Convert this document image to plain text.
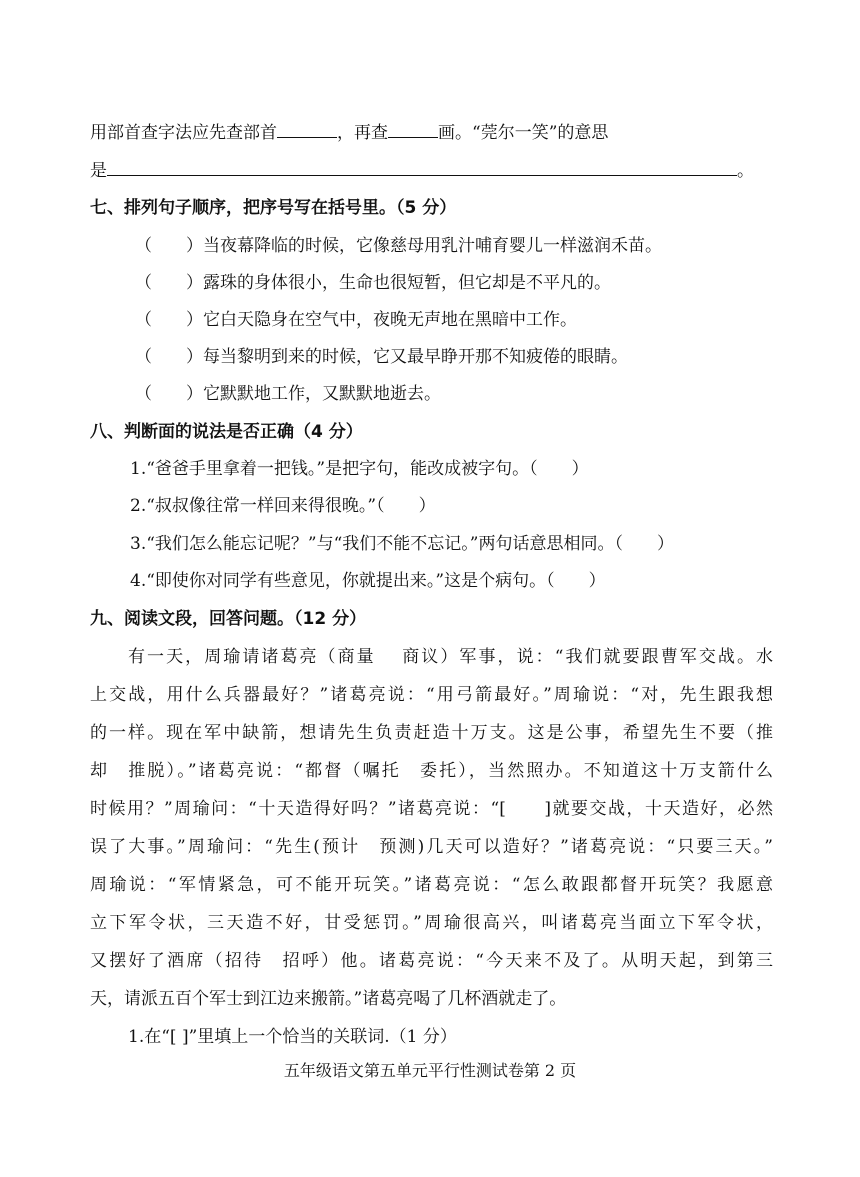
用部首查字法应先查部首	，再查	画。“莞尔一笑”的意思
是	。
七、排列句子顺序，把序号写在括号里。（5 分）
（　　）当夜幕降临的时候，它像慈母用乳汁哺育婴儿一样滋润禾苗。
（　　）露珠的身体很小，生命也很短暂，但它却是不平凡的。
（　　）它白天隐身在空气中，夜晚无声地在黑暗中工作。
（　　）每当黎明到来的时候，它又最早睁开那不知疲倦的眼睛。
（　　）它默默地工作，又默默地逝去。
八、判断面的说法是否正确（4 分）
1.“爸爸手里拿着一把钱。”是把字句，能改成被字句。（　　）
2.“叔叔像往常一样回来得很晚。”（　　）
3.“我们怎么能忘记呢？”与“我们不能不忘记。”两句话意思相同。（　　）
4.“即使你对同学有些意见，你就提出来。”这是个病句。（　　）
九、阅读文段，回答问题。（12 分）
有一天，周瑜请诸葛亮（商量　 商议）军事，说：“我们就要跟曹军交战。水
上交战，用什么兵器最好？”诸葛亮说：“用弓箭最好。”周瑜说：“对，先生跟我想
的一样。现在军中缺箭，想请先生负责赶造十万支。这是公事，希望先生不要（推
却　推脱）。”诸葛亮说：“都督（嘱托　委托），当然照办。不知道这十万支箭什么
时候用？”周瑜问：“十天造得好吗？”诸葛亮说：“[　　]就要交战，十天造好，必然
误了大事。”周瑜问：“先生(预计　预测)几天可以造好？”诸葛亮说：“只要三天。”
周瑜说：“军情紧急，可不能开玩笑。”诸葛亮说：“怎么敢跟都督开玩笑？我愿意
立下军令状，三天造不好，甘受惩罚。”周瑜很高兴，叫诸葛亮当面立下军令状，
又摆好了酒席（招待　招呼）他。诸葛亮说：“今天来不及了。从明天起，到第三
天，请派五百个军士到江边来搬箭。”诸葛亮喝了几杯酒就走了。
1.在“[ ]”里填上一个恰当的关联词.（1 分）
五年级语文第五单元平行性测试卷第 2 页
